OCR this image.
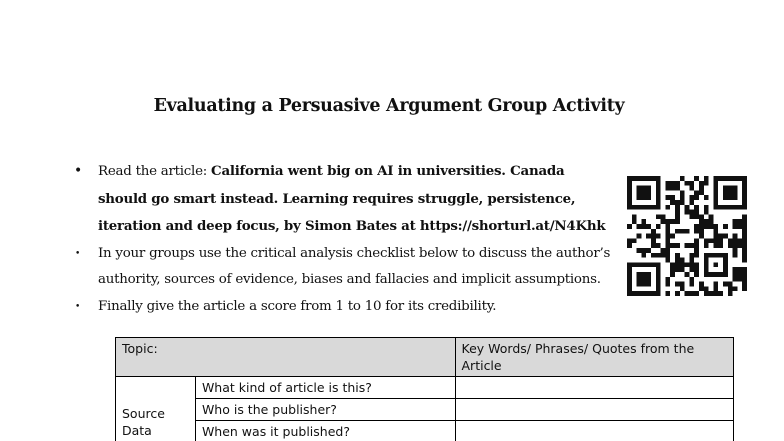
Evaluating a Persuasive Argument Group Activity
• Read the article: California went big on AI in universities. Canada should go smart instead. Learning requires struggle, persistence, iteration and deep focus, by Simon Bates at https://shorturl.at/N4Khk
• In your groups use the critical analysis checklist below to discuss the author’s authority, sources of evidence, biases and fallacies and implicit assumptions.
• Finally give the article a score from 1 to 10 for its credibility.
Topic:		Key Words/ Phrases/ Quotes from the Article
Source Data	What kind of article is this?	
	Who is the publisher?	
	When was it published?	
